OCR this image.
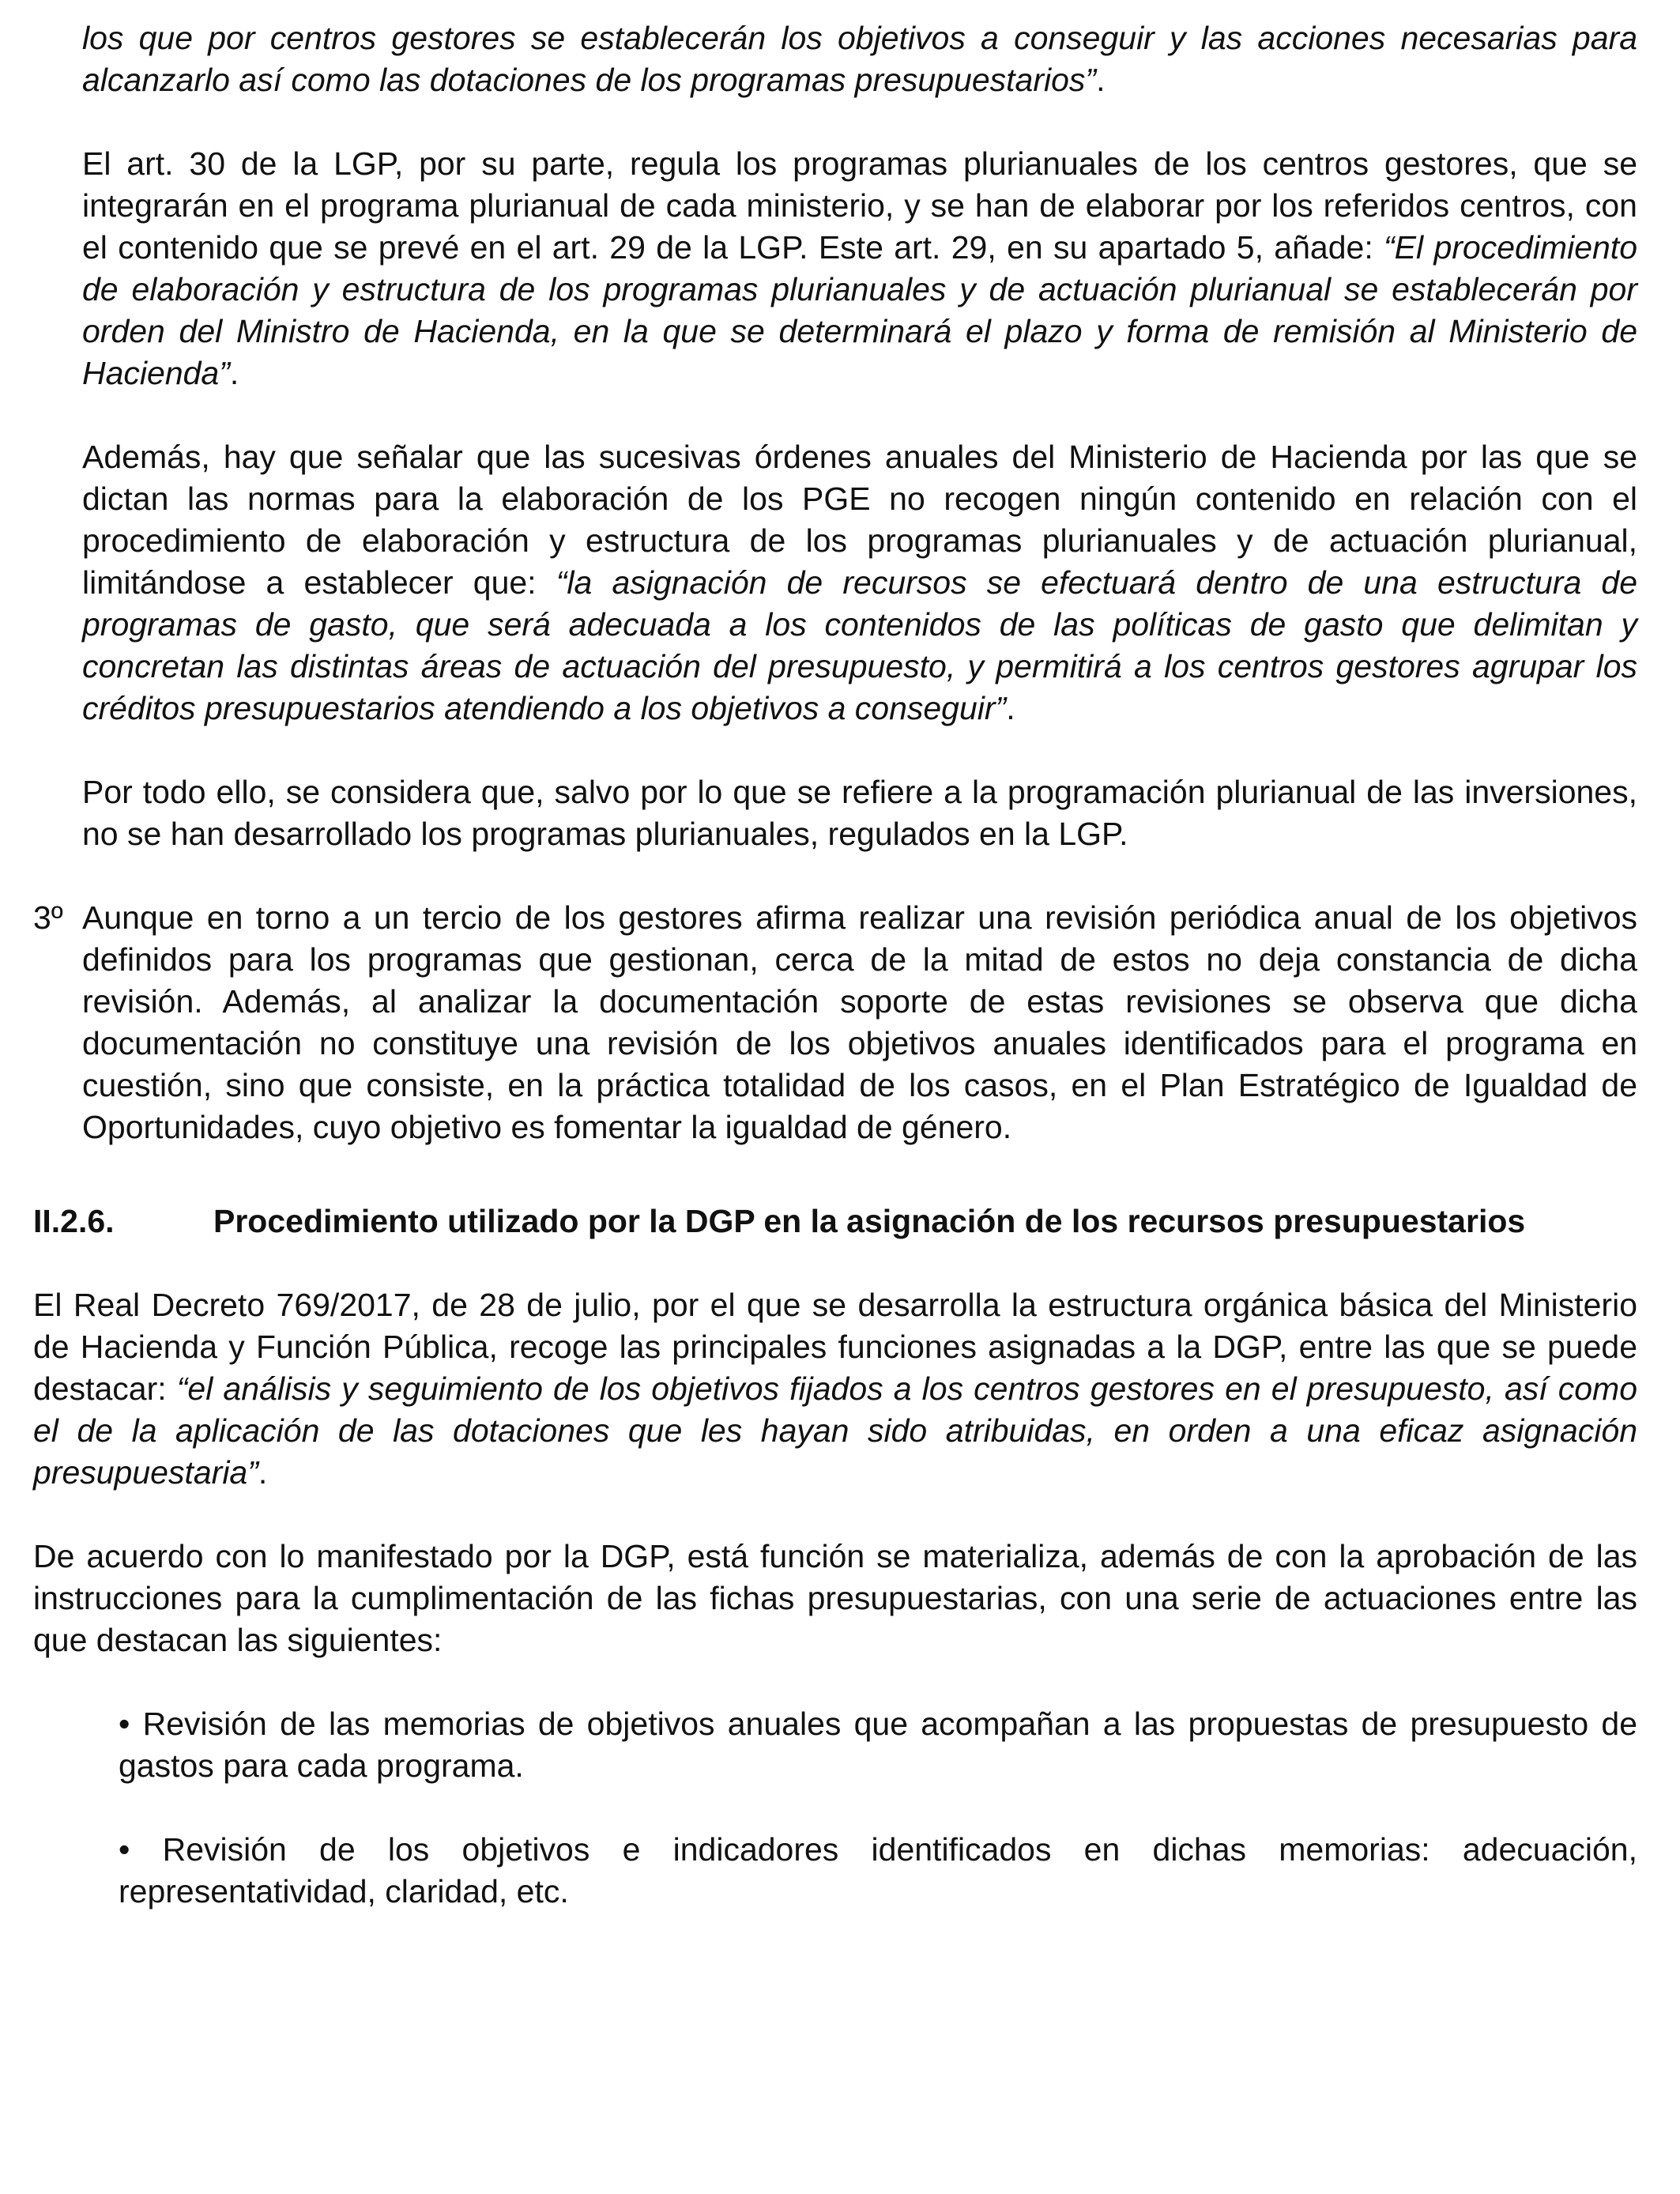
los que por centros gestores se establecerán los objetivos a conseguir y las acciones necesarias para alcanzarlo así como las dotaciones de los programas presupuestarios”.

El art. 30 de la LGP, por su parte, regula los programas plurianuales de los centros gestores, que se integrarán en el programa plurianual de cada ministerio, y se han de elaborar por los referidos centros, con el contenido que se prevé en el art. 29 de la LGP. Este art. 29, en su apartado 5, añade: “El procedimiento de elaboración y estructura de los programas plurianuales y de actuación plurianual se establecerán por orden del Ministro de Hacienda, en la que se determinará el plazo y forma de remisión al Ministerio de Hacienda”.

Además, hay que señalar que las sucesivas órdenes anuales del Ministerio de Hacienda por las que se dictan las normas para la elaboración de los PGE no recogen ningún contenido en relación con el procedimiento de elaboración y estructura de los programas plurianuales y de actuación plurianual, limitándose a establecer que: “la asignación de recursos se efectuará dentro de una estructura de programas de gasto, que será adecuada a los contenidos de las políticas de gasto que delimitan y concretan las distintas áreas de actuación del presupuesto, y permitirá a los centros gestores agrupar los créditos presupuestarios atendiendo a los objetivos a conseguir”.

Por todo ello, se considera que, salvo por lo que se refiere a la programación plurianual de las inversiones, no se han desarrollado los programas plurianuales, regulados en la LGP.

3º Aunque en torno a un tercio de los gestores afirma realizar una revisión periódica anual de los objetivos definidos para los programas que gestionan, cerca de la mitad de estos no deja constancia de dicha revisión. Además, al analizar la documentación soporte de estas revisiones se observa que dicha documentación no constituye una revisión de los objetivos anuales identificados para el programa en cuestión, sino que consiste, en la práctica totalidad de los casos, en el Plan Estratégico de Igualdad de Oportunidades, cuyo objetivo es fomentar la igualdad de género.

II.2.6.	Procedimiento utilizado por la DGP en la asignación de los recursos presupuestarios

El Real Decreto 769/2017, de 28 de julio, por el que se desarrolla la estructura orgánica básica del Ministerio de Hacienda y Función Pública, recoge las principales funciones asignadas a la DGP, entre las que se puede destacar: “el análisis y seguimiento de los objetivos fijados a los centros gestores en el presupuesto, así como el de la aplicación de las dotaciones que les hayan sido atribuidas, en orden a una eficaz asignación presupuestaria”.

De acuerdo con lo manifestado por la DGP, está función se materializa, además de con la aprobación de las instrucciones para la cumplimentación de las fichas presupuestarias, con una serie de actuaciones entre las que destacan las siguientes:

• Revisión de las memorias de objetivos anuales que acompañan a las propuestas de presupuesto de gastos para cada programa.

• Revisión de los objetivos e indicadores identificados en dichas memorias: adecuación, representatividad, claridad, etc.
